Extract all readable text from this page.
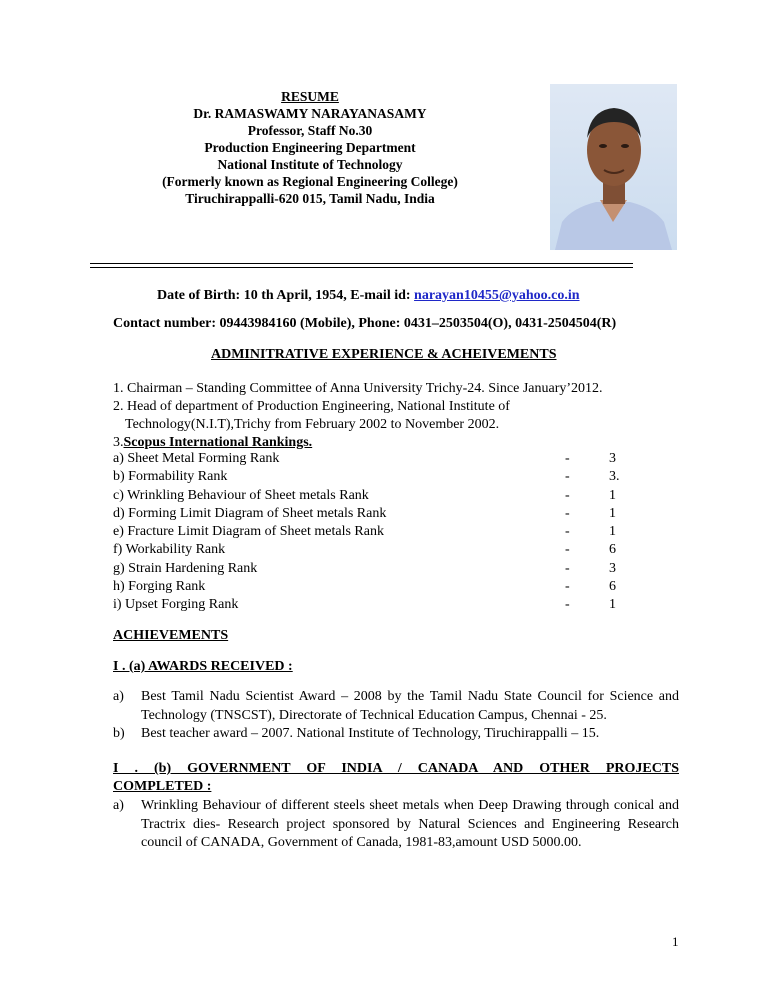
RESUME
Dr. RAMASWAMY NARAYANASAMY
Professor, Staff No.30
Production Engineering Department
National Institute of Technology
(Formerly known as Regional Engineering College)
Tiruchirappalli-620 015, Tamil Nadu, India
Date of Birth: 10 th April, 1954, E-mail id: narayan10455@yahoo.co.in
Contact number: 09443984160 (Mobile), Phone: 0431–2503504(O), 0431-2504504(R)
ADMINITRATIVE EXPERIENCE & ACHEIVEMENTS
1. Chairman – Standing Committee of Anna University Trichy-24. Since January’2012.
2. Head of department of Production Engineering, National Institute of
Technology(N.I.T),Trichy from February 2002 to November 2002.
3.Scopus International Rankings.
a) Sheet Metal Forming Rank	-	3
b) Formability Rank	-	3.
c) Wrinkling Behaviour of Sheet metals Rank	-	1
d) Forming Limit Diagram of Sheet metals Rank	-	1
e) Fracture Limit Diagram of Sheet metals Rank	-	1
f) Workability Rank	-	6
g) Strain Hardening Rank	-	3
h) Forging Rank	-	6
i) Upset Forging Rank	-	1
ACHIEVEMENTS
I . (a) AWARDS RECEIVED :
a) Best Tamil Nadu Scientist Award – 2008 by the Tamil Nadu State Council for Science and Technology (TNSCST), Directorate of Technical Education Campus, Chennai - 25.
b) Best teacher award – 2007. National Institute of Technology, Tiruchirappalli – 15.
I . (b) GOVERNMENT OF INDIA / CANADA AND OTHER PROJECTS
COMPLETED :
a) Wrinkling Behaviour of different steels sheet metals when Deep Drawing through conical and Tractrix dies- Research project sponsored by Natural Sciences and Engineering Research council of CANADA, Government of Canada, 1981-83,amount USD 5000.00.
1
